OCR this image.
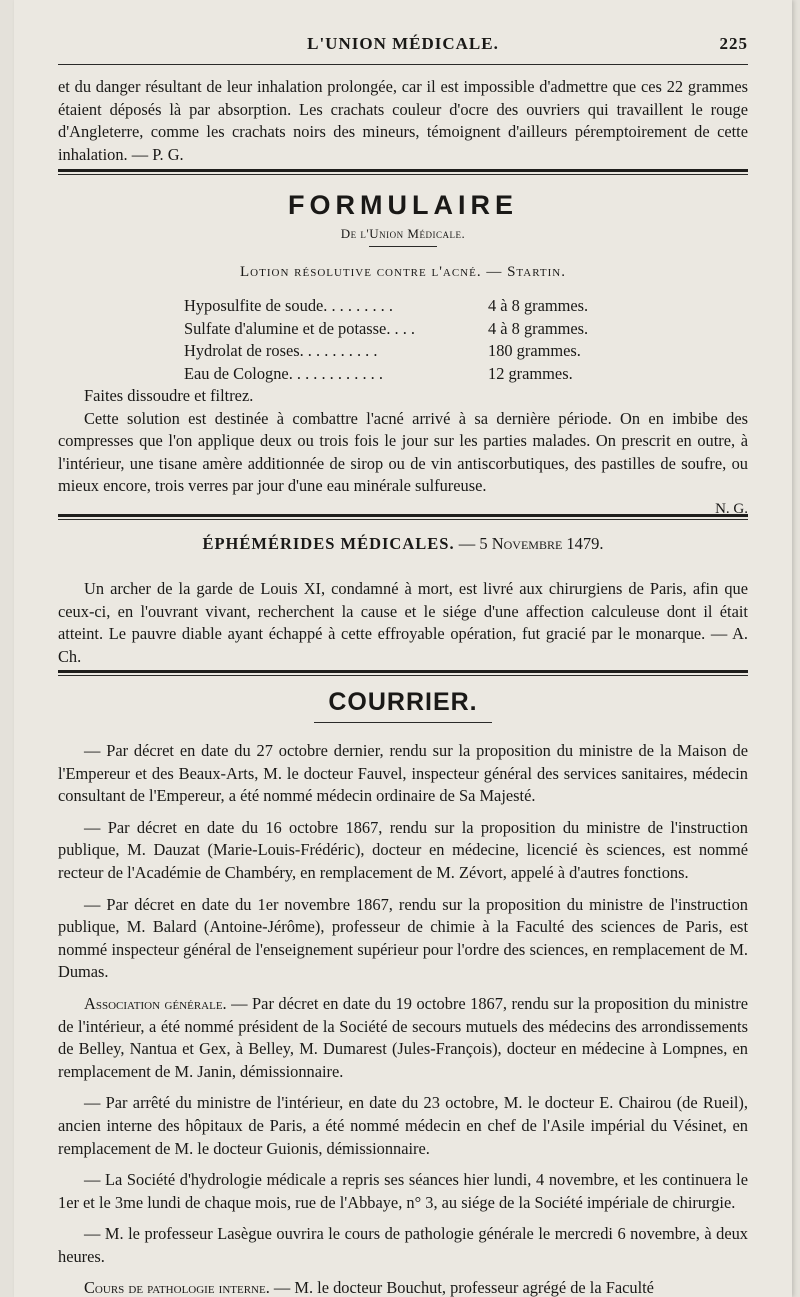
L'UNION MÉDICALE.	225

et du danger résultant de leur inhalation prolongée, car il est impossible d'admettre que ces 22 grammes étaient déposés là par absorption. Les crachats couleur d'ocre des ouvriers qui travaillent le rouge d'Angleterre, comme les crachats noirs des mineurs, témoignent d'ailleurs péremptoirement de cette inhalation. — P. G.

FORMULAIRE
De l'Union Médicale.
Lotion résolutive contre l'acné. — Startin.
Hyposulfite de soude. . . . . . . . .	4 à 8 grammes.
Sulfate d'alumine et de potasse. . . .	4 à 8 grammes.
Hydrolat de roses. . . . . . . . . .	180 grammes.
Eau de Cologne. . . . . . . . . . . .	12 grammes.

Faites dissoudre et filtrez.

Cette solution est destinée à combattre l'acné arrivé à sa dernière période. On en imbibe des compresses que l'on applique deux ou trois fois le jour sur les parties malades. On prescrit en outre, à l'intérieur, une tisane amère additionnée de sirop ou de vin antiscorbutiques, des pastilles de soufre, ou mieux encore, trois verres par jour d'une eau minérale sulfureuse.

N. G.

ÉPHÉMÉRIDES MÉDICALES. — 5 Novembre 1479.

Un archer de la garde de Louis XI, condamné à mort, est livré aux chirurgiens de Paris, afin que ceux-ci, en l'ouvrant vivant, recherchent la cause et le siége d'une affection calculeuse dont il était atteint. Le pauvre diable ayant échappé à cette effroyable opération, fut gracié par le monarque. — A. Ch.

COURRIER.

— Par décret en date du 27 octobre dernier, rendu sur la proposition du ministre de la Maison de l'Empereur et des Beaux-Arts, M. le docteur Fauvel, inspecteur général des services sanitaires, médecin consultant de l'Empereur, a été nommé médecin ordinaire de Sa Majesté.

— Par décret en date du 16 octobre 1867, rendu sur la proposition du ministre de l'instruction publique, M. Dauzat (Marie-Louis-Frédéric), docteur en médecine, licencié ès sciences, est nommé recteur de l'Académie de Chambéry, en remplacement de M. Zévort, appelé à d'autres fonctions.

— Par décret en date du 1er novembre 1867, rendu sur la proposition du ministre de l'instruction publique, M. Balard (Antoine-Jérôme), professeur de chimie à la Faculté des sciences de Paris, est nommé inspecteur général de l'enseignement supérieur pour l'ordre des sciences, en remplacement de M. Dumas.

Association générale. — Par décret en date du 19 octobre 1867, rendu sur la proposition du ministre de l'intérieur, a été nommé président de la Société de secours mutuels des médecins des arrondissements de Belley, Nantua et Gex, à Belley, M. Dumarest (Jules-François), docteur en médecine à Lompnes, en remplacement de M. Janin, démissionnaire.

— Par arrêté du ministre de l'intérieur, en date du 23 octobre, M. le docteur E. Chairou (de Rueil), ancien interne des hôpitaux de Paris, a été nommé médecin en chef de l'Asile impérial du Vésinet, en remplacement de M. le docteur Guionis, démissionnaire.

— La Société d'hydrologie médicale a repris ses séances hier lundi, 4 novembre, et les continuera le 1er et le 3me lundi de chaque mois, rue de l'Abbaye, n° 3, au siége de la Société impériale de chirurgie.

— M. le professeur Lasègue ouvrira le cours de pathologie générale le mercredi 6 novembre, à deux heures.

Cours de pathologie interne. — M. le docteur Bouchut, professeur agrégé de la Faculté
